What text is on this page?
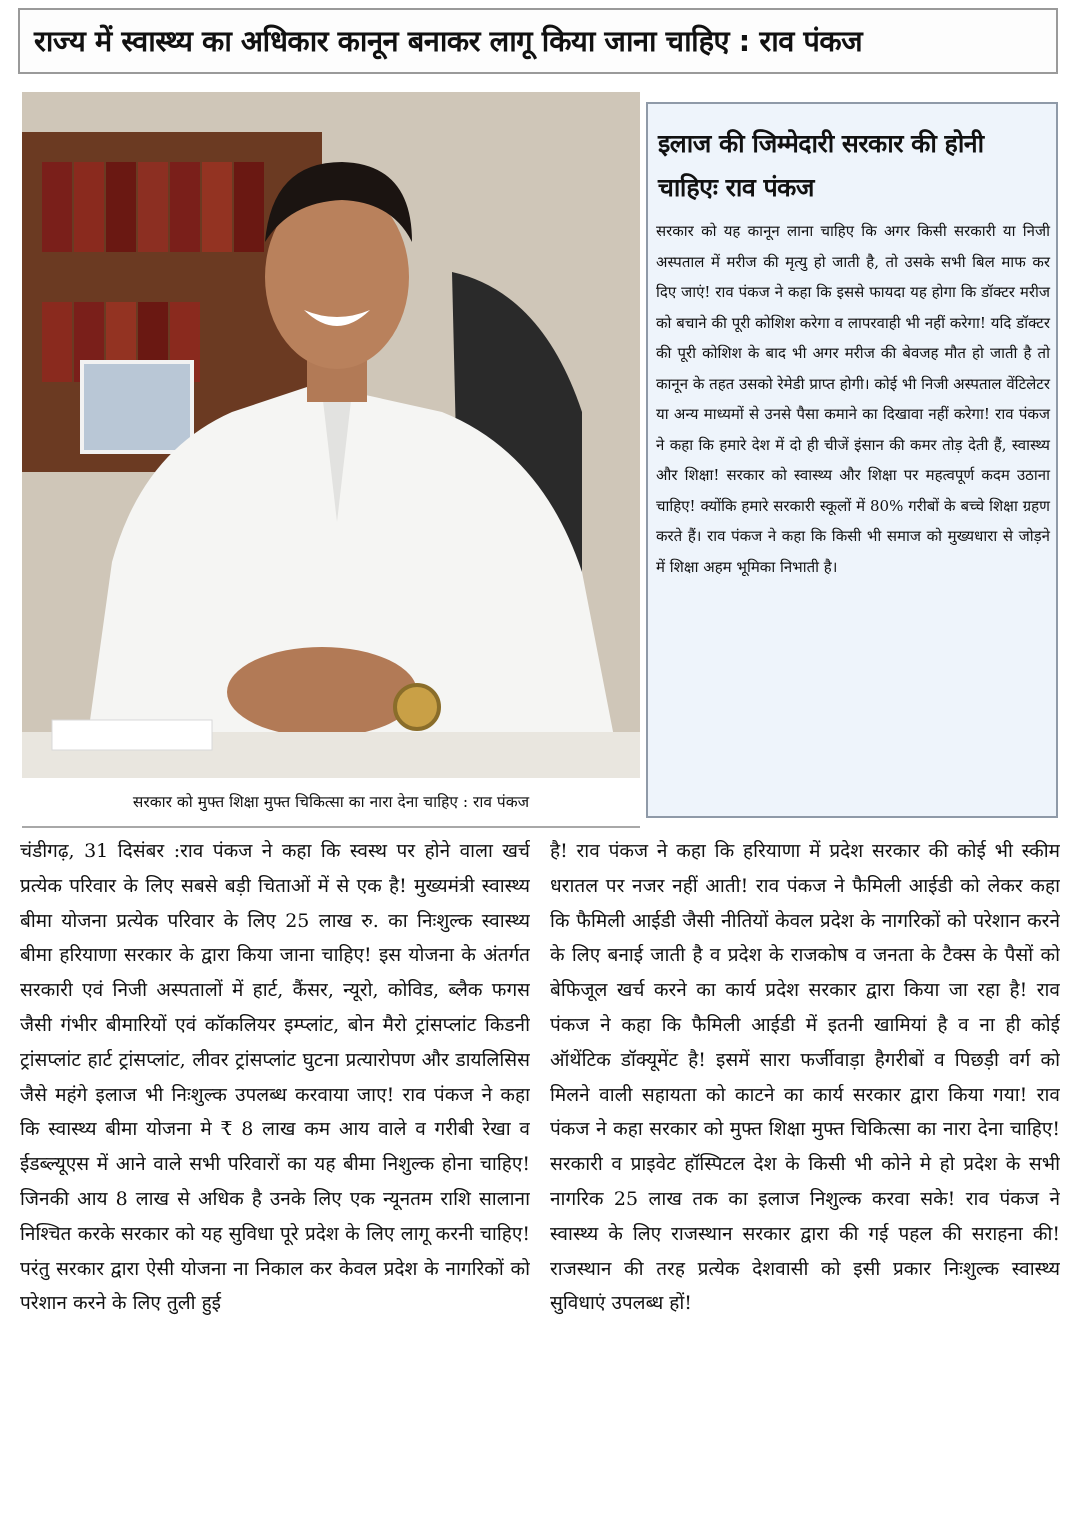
राज्य में स्वास्थ्य का अधिकार कानून बनाकर लागू किया जाना चाहिए : राव पंकज
सरकार को मुफ्त शिक्षा मुफ्त चिकित्सा का नारा देना चाहिए : राव पंकज
इलाज की जिम्मेदारी सरकार की होनी चाहिएः राव पंकज

सरकार को यह कानून लाना चाहिए कि अगर किसी सरकारी या निजी अस्पताल में मरीज की मृत्यु हो जाती है, तो उसके सभी बिल माफ कर दिए जाएं! राव पंकज ने कहा कि इससे फायदा यह होगा कि डॉक्टर मरीज को बचाने की पूरी कोशिश करेगा व लापरवाही भी नहीं करेगा! यदि डॉक्टर की पूरी कोशिश के बाद भी अगर मरीज की बेवजह मौत हो जाती है तो कानून के तहत उसको रेमेडी प्राप्त होगी। कोई भी निजी अस्पताल वेंटिलेटर या अन्य माध्यमों से उनसे पैसा कमाने का दिखावा नहीं करेगा! राव पंकज ने कहा कि हमारे देश में दो ही चीजें इंसान की कमर तोड़ देती हैं, स्वास्थ्य और शिक्षा! सरकार को स्वास्थ्य और शिक्षा पर महत्वपूर्ण कदम उठाना चाहिए! क्योंकि हमारे सरकारी स्कूलों में 80% गरीबों के बच्चे शिक्षा ग्रहण करते हैं। राव पंकज ने कहा कि किसी भी समाज को मुख्यधारा से जोड़ने में शिक्षा अहम भूमिका निभाती है।

चंडीगढ़, 31 दिसंबर :राव पंकज ने कहा कि स्वस्थ पर होने वाला खर्च प्रत्येक परिवार के लिए सबसे बड़ी चिताओं में से एक है! मुख्यमंत्री स्वास्थ्य बीमा योजना प्रत्येक परिवार के लिए 25 लाख रु. का निःशुल्क स्वास्थ्य बीमा हरियाणा सरकार के द्वारा किया जाना चाहिए! इस योजना के अंतर्गत सरकारी एवं निजी अस्पतालों में हार्ट, कैंसर, न्यूरो, कोविड, ब्लैक फगस जैसी गंभीर बीमारियों एवं कॉकलियर इम्प्लांट, बोन मैरो ट्रांसप्लांट किडनी ट्रांसप्लांट हार्ट ट्रांसप्लांट, लीवर ट्रांसप्लांट घुटना प्रत्यारोपण और डायलिसिस जैसे महंगे इलाज भी निःशुल्क उपलब्ध करवाया जाए! राव पंकज ने कहा कि स्वास्थ्य बीमा योजना मे ₹ 8 लाख कम आय वाले व गरीबी रेखा व ईडब्ल्यूएस में आने वाले सभी परिवारों का यह बीमा निशुल्क होना चाहिए! जिनकी आय 8 लाख से अधिक है उनके लिए एक न्यूनतम राशि सालाना निश्चित करके सरकार को यह सुविधा पूरे प्रदेश के लिए लागू करनी चाहिए! परंतु सरकार द्वारा ऐसी योजना ना निकाल कर केवल प्रदेश के नागरिकों को परेशान करने के लिए तुली हुई

है! राव पंकज ने कहा कि हरियाणा में प्रदेश सरकार की कोई भी स्कीम धरातल पर नजर नहीं आती! राव पंकज ने फैमिली आईडी को लेकर कहा कि फैमिली आईडी जैसी नीतियों केवल प्रदेश के नागरिकों को परेशान करने के लिए बनाई जाती है व प्रदेश के राजकोष व जनता के टैक्स के पैसों को बेफिजूल खर्च करने का कार्य प्रदेश सरकार द्वारा किया जा रहा है! राव पंकज ने कहा कि फैमिली आईडी में इतनी खामियां है व ना ही कोई ऑथेंटिक डॉक्यूमेंट है! इसमें सारा फर्जीवाड़ा हैगरीबों व पिछड़ी वर्ग को मिलने वाली सहायता को काटने का कार्य सरकार द्वारा किया गया! राव पंकज ने कहा सरकार को मुफ्त शिक्षा मुफ्त चिकित्सा का नारा देना चाहिए! सरकारी व प्राइवेट हॉस्पिटल देश के किसी भी कोने मे हो प्रदेश के सभी नागरिक 25 लाख तक का इलाज निशुल्क करवा सके! राव पंकज ने स्वास्थ्य के लिए राजस्थान सरकार द्वारा की गई पहल की सराहना की! राजस्थान की तरह प्रत्येक देशवासी को इसी प्रकार निःशुल्क स्वास्थ्य सुविधाएं उपलब्ध हों!
